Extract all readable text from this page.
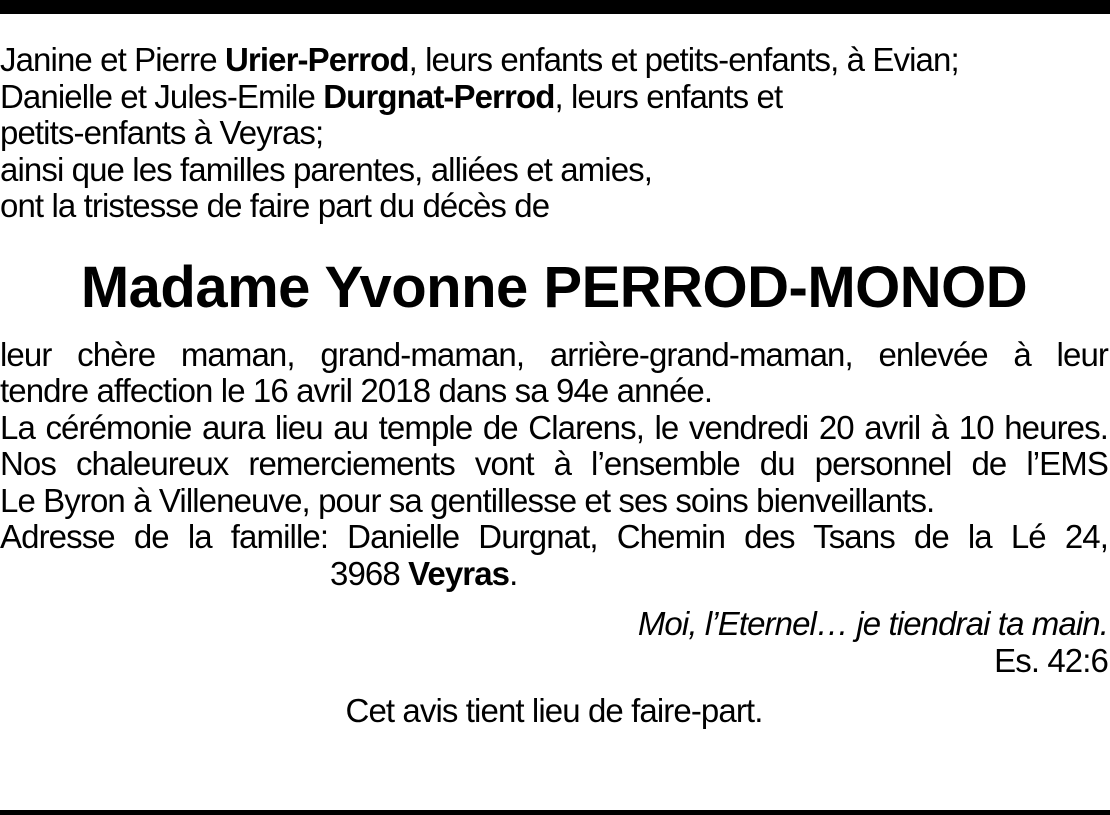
Janine et Pierre Urier-Perrod, leurs enfants et petits-enfants, à Evian;

Danielle et Jules-Emile Durgnat-Perrod, leurs enfants et

petits-enfants à Veyras;

ainsi que les familles parentes, alliées et amies,

ont la tristesse de faire part du décès de

Madame Yvonne PERROD-MONOD

leur chère maman, grand-maman, arrière-grand-maman, enlevée à leur

tendre affection le 16 avril 2018 dans sa 94e année.

La cérémonie aura lieu au temple de Clarens, le vendredi 20 avril à 10 heures.

Nos chaleureux remerciements vont à l’ensemble du personnel de l’EMS

Le Byron à Villeneuve, pour sa gentillesse et ses soins bienveillants.

Adresse de la famille: Danielle Durgnat, Chemin des Tsans de la Lé 24,

3968 Veyras.

Moi, l’Eternel… je tiendrai ta main.

Es. 42:6

Cet avis tient lieu de faire-part.
